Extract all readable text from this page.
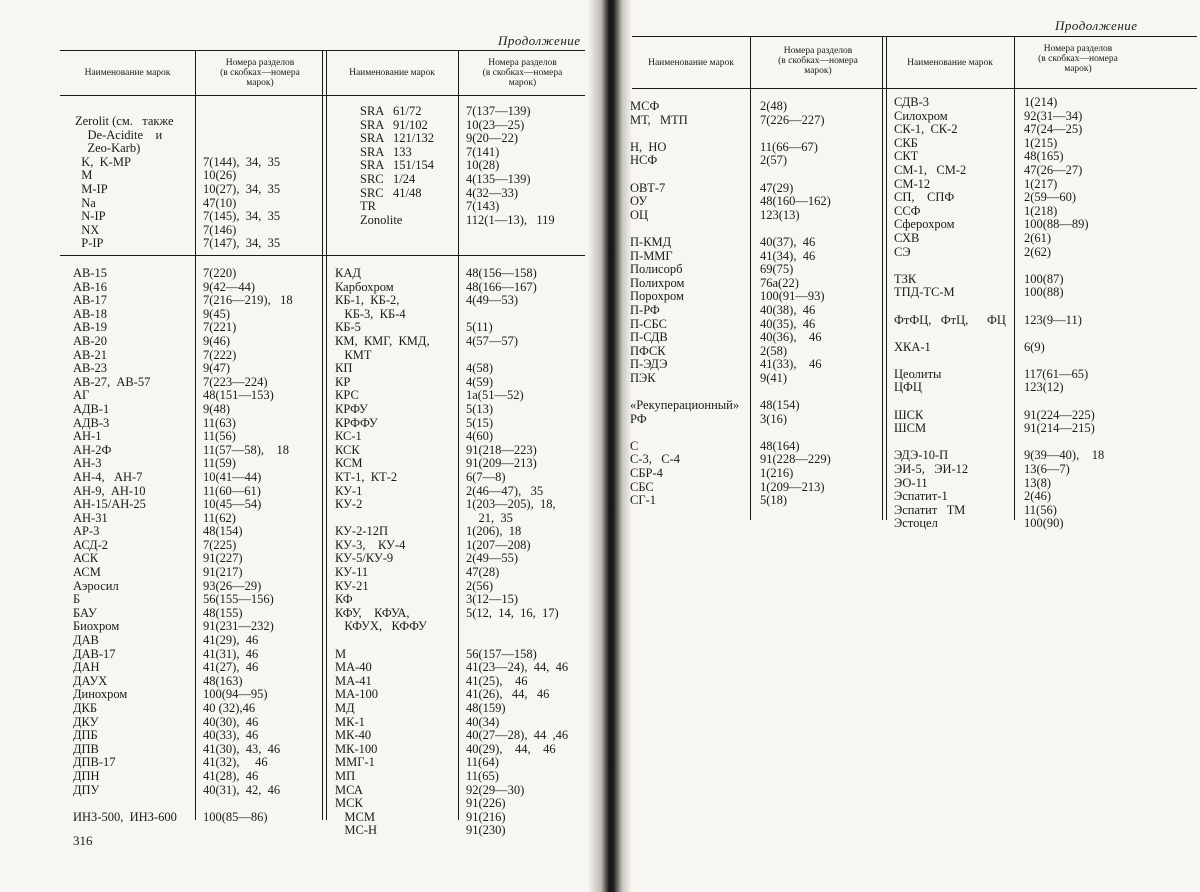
Продолжение
Наименование марок
Номера разделов
(в скобках—номера
марок)
Наименование марок
Номера разделов
(в скобках—номера
марок)
Zerolit (см.   также
De-Acidite    и
Zeo-Karb)
K,  K-MP
M
M-IP
Na
N-IP
NX
P-IP
7(144),  34,  35
10(26)
10(27),  34,  35
47(10)
7(145),  34,  35
7(146)
7(147),  34,  35
SRA   61/72
SRA   91/102
SRA   121/132
SRA   133
SRA   151/154
SRC   1/24
SRC   41/48
TR
Zonolite
7(137—139)
10(23—25)
9(20—22)
7(141)
10(28)
4(135—139)
4(32—33)
7(143)
112(1—13),   119
АВ-15
АВ-16
АВ-17
АВ-18
АВ-19
АВ-20
АВ-21
АВ-23
АВ-27,  АВ-57
АГ
АДВ-1
АДВ-3
АН-1
АН-2Ф
АН-3
АН-4,   АН-7
АН-9,  АН-10
АН-15/АН-25
АН-31
АР-3
АСД-2
АСК
АСМ
Аэросил
Б
БАУ
Биохром
ДАВ
ДАВ-17
ДАН
ДАУХ
Динохром
ДКБ
ДКУ
ДПБ
ДПВ
ДПВ-17
ДПН
ДПУ
ИНЗ-500,  ИНЗ-600
7(220)
9(42—44)
7(216—219),   18
9(45)
7(221)
9(46)
7(222)
9(47)
7(223—224)
48(151—153)
9(48)
11(63)
11(56)
11(57—58),    18
11(59)
10(41—44)
11(60—61)
10(45—54)
11(62)
48(154)
7(225)
91(227)
91(217)
93(26—29)
56(155—156)
48(155)
91(231—232)
41(29),  46
41(31),  46
41(27),  46
48(163)
100(94—95)
40 (32),46
40(30),  46
40(33),  46
41(30),  43,  46
41(32),     46
41(28),  46
40(31),  42,  46
100(85—86)
КАД
Карбохром
КБ-1,  КБ-2,
КБ-3,  КБ-4
КБ-5
КМ,  КМГ,  КМД,
КМТ
КП
КР
КРС
КРФУ
КРФФУ
КС-1
КСК
КСМ
КТ-1,  КТ-2
КУ-1
КУ-2
КУ-2-12П
КУ-3,    КУ-4
КУ-5/КУ-9
КУ-11
КУ-21
КФ
КФУ,    КФУА,
КФУХ,   КФФУ
М
МА-40
МА-41
МА-100
МД
МК-1
МК-40
МК-100
ММГ-1
МП
МСА
МСК
МСМ
МС-Н
48(156—158)
48(166—167)
4(49—53)
5(11)
4(57—57)
4(58)
4(59)
1а(51—52)
5(13)
5(15)
4(60)
91(218—223)
91(209—213)
6(7—8)
2(46—47),   35
1(203—205),  18,
21,  35
1(206),  18
1(207—208)
2(49—55)
47(28)
2(56)
3(12—15)
5(12,  14,  16,  17)
56(157—158)
41(23—24),  44,  46
41(25),    46
41(26),   44,   46
48(159)
40(34)
40(27—28),  44  ,46
40(29),    44,    46
11(64)
11(65)
92(29—30)
91(226)
91(216)
91(230)
316
Продолжение
Наименование марок
Номера разделов
(в скобках—номера
марок)
Наименование марок
Номера разделов
(в скобках—номера
марок)
МСФ
МТ,   МТП
Н,  НО
НСФ
ОВТ-7
ОУ
ОЦ
П-КМД
П-ММГ
Полисорб
Полихром
Порохром
П-РФ
П-СБС
П-СДВ
ПФСК
П-ЭДЭ
ПЭК
«Рекуперационный»
РФ
С
С-3,   С-4
СБР-4
СБС
СГ-1
2(48)
7(226—227)
11(66—67)
2(57)
47(29)
48(160—162)
123(13)
40(37),  46
41(34),  46
69(75)
76а(22)
100(91—93)
40(38),  46
40(35),  46
40(36),    46
2(58)
41(33),    46
9(41)
48(154)
3(16)
48(164)
91(228—229)
1(216)
1(209—213)
5(18)
СДВ-3
Силохром
СК-1,  СК-2
СКБ
СКТ
СМ-1,   СМ-2
СМ-12
СП,    СПФ
ССФ
Сферохром
СХВ
СЭ
ТЗК
ТПД-ТС-М
ФтФЦ,   ФтЦ,      ФЦ
ХКА-1
Цеолиты
ЦФЦ
ШСК
ШСМ
ЭДЭ-10-П
ЭИ-5,   ЭИ-12
ЭО-11
Эспатит-1
Эспатит   ТМ
Эстоцел
1(214)
92(31—34)
47(24—25)
1(215)
48(165)
47(26—27)
1(217)
2(59—60)
1(218)
100(88—89)
2(61)
2(62)
100(87)
100(88)
123(9—11)
6(9)
117(61—65)
123(12)
91(224—225)
91(214—215)
9(39—40),    18
13(6—7)
13(8)
2(46)
11(56)
100(90)
